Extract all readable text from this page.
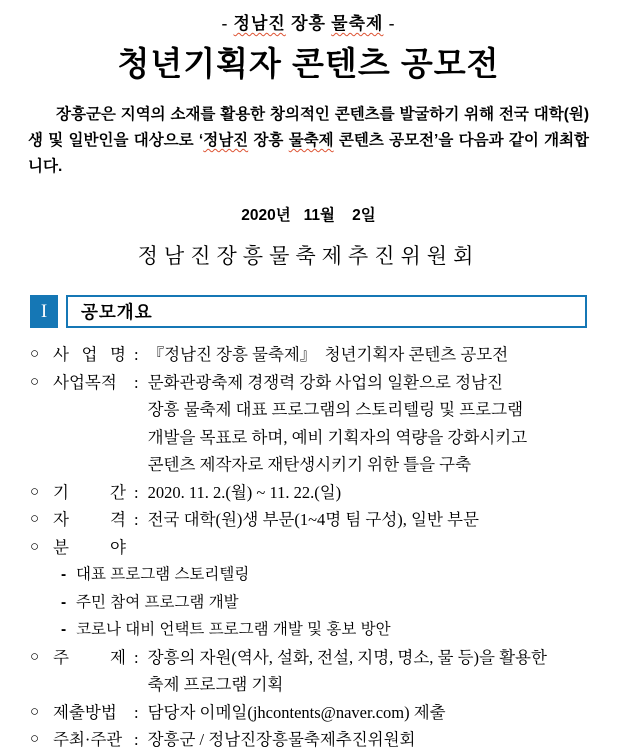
- 정남진 장흥 물축제 -
청년기획자 콘텐츠 공모전

장흥군은 지역의 소재를 활용한 창의적인 콘텐츠를 발굴하기 위해 전국 대학(원)생 및 일반인을 대상으로 ‘정남진 장흥 물축제 콘텐츠 공모전’을 다음과 같이 개최합니다.

2020년   11월    2일
정남진장흥물축제추진위원회
I	공모개요
○ 사 업 명 : 『정남진 장흥 물축제』  청년기획자 콘텐츠 공모전
○ 사업목적	: 문화관광축제 경쟁력 강화 사업의 일환으로 정남진
장흥 물축제 대표 프로그램의 스토리텔링 및 프로그램
개발을 목표로 하며, 예비 기획자의 역량을 강화시키고
콘텐츠 제작자로 재탄생시키기 위한 틀을 구축
○ 기 간 : 2020. 11. 2.(월) ~ 11. 22.(일)
○ 자 격 : 전국 대학(원)생 부문(1~4명 팀 구성), 일반 부문
○ 분 야
- 대표 프로그램 스토리텔링
- 주민 참여 프로그램 개발
- 코로나 대비 언택트 프로그램 개발 및 홍보 방안
○ 주 제 : 장흥의 자원(역사, 설화, 전설, 지명, 명소, 물 등)을 활용한
축제 프로그램 기획
○ 제출방법	: 담당자 이메일(jhcontents@naver.com) 제출
○ 주최·주관 : 장흥군 / 정남진장흥물축제추진위원회
